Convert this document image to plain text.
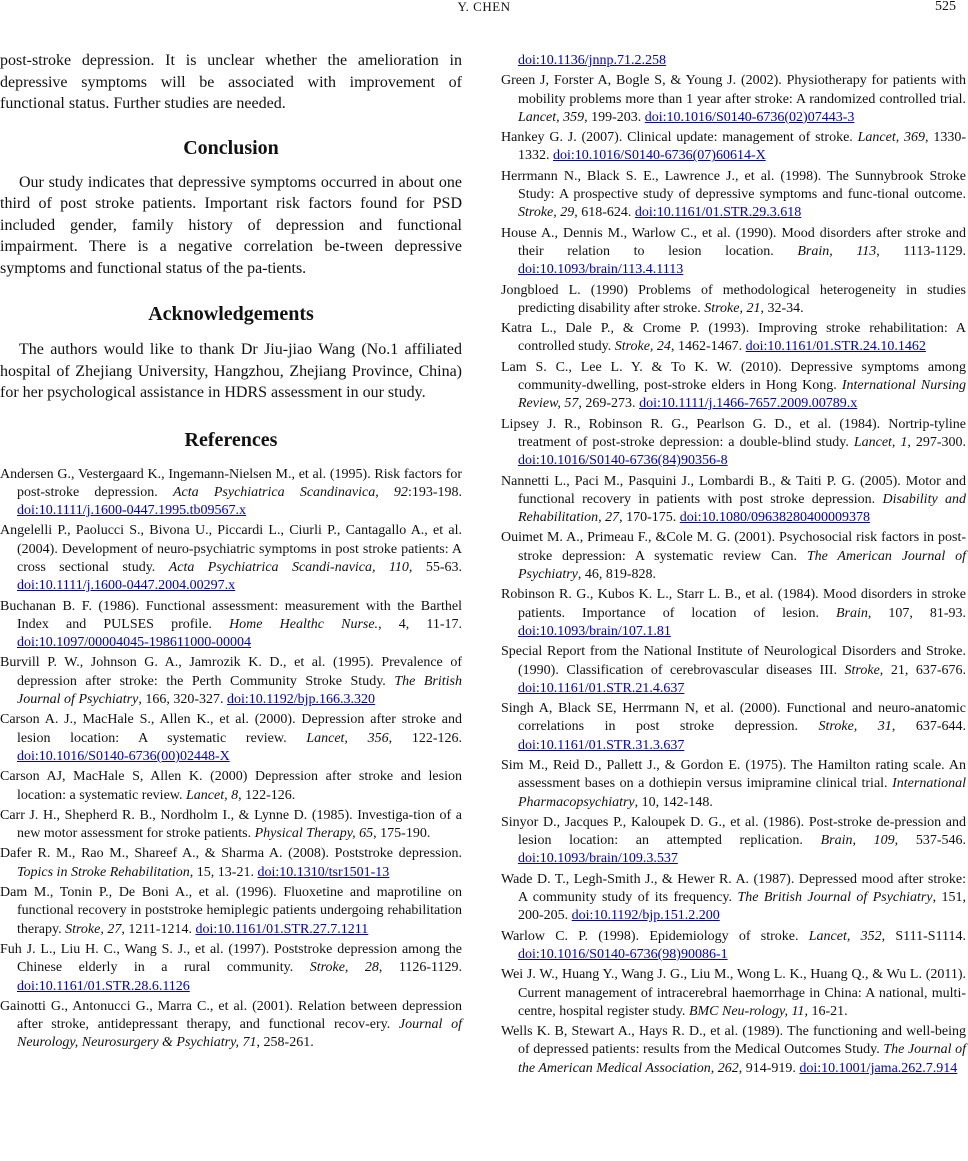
Y. CHEN	525

post-stroke depression. It is unclear whether the amelioration in depressive symptoms will be associated with improvement of functional status. Further studies are needed.

Conclusion

Our study indicates that depressive symptoms occurred in about one third of post stroke patients. Important risk factors found for PSD included gender, family history of depression and functional impairment. There is a negative correlation be-tween depressive symptoms and functional status of the pa-tients.

Acknowledgements

The authors would like to thank Dr Jiu-jiao Wang (No.1 affiliated hospital of Zhejiang University, Hangzhou, Zhejiang Province, China) for her psychological assistance in HDRS assessment in our study.

References
Andersen G., Vestergaard K., Ingemann-Nielsen M., et al. (1995). Risk factors for post-stroke depression. Acta Psychiatrica Scandinavica, 92:193-198. doi:10.1111/j.1600-0447.1995.tb09567.x
Angelelli P., Paolucci S., Bivona U., Piccardi L., Ciurli P., Cantagallo A., et al. (2004). Development of neuro-psychiatric symptoms in post stroke patients: A cross sectional study. Acta Psychiatrica Scandi-navica, 110, 55-63. doi:10.1111/j.1600-0447.2004.00297.x
Buchanan B. F. (1986). Functional assessment: measurement with the Barthel Index and PULSES profile. Home Healthc Nurse., 4, 11-17. doi:10.1097/00004045-198611000-00004
Burvill P. W., Johnson G. A., Jamrozik K. D., et al. (1995). Prevalence of depression after stroke: the Perth Community Stroke Study. The British Journal of Psychiatry, 166, 320-327. doi:10.1192/bjp.166.3.320
Carson A. J., MacHale S., Allen K., et al. (2000). Depression after stroke and lesion location: A systematic review. Lancet, 356, 122-126. doi:10.1016/S0140-6736(00)02448-X
Carson AJ, MacHale S, Allen K. (2000) Depression after stroke and lesion location: a systematic review. Lancet, 8, 122-126.
Carr J. H., Shepherd R. B., Nordholm I., & Lynne D. (1985). Investiga-tion of a new motor assessment for stroke patients. Physical Therapy, 65, 175-190.
Dafer R. M., Rao M., Shareef A., & Sharma A. (2008). Poststroke depression. Topics in Stroke Rehabilitation, 15, 13-21. doi:10.1310/tsr1501-13
Dam M., Tonin P., De Boni A., et al. (1996). Fluoxetine and maprotiline on functional recovery in poststroke hemiplegic patients undergoing rehabilitation therapy. Stroke, 27, 1211-1214. doi:10.1161/01.STR.27.7.1211
Fuh J. L., Liu H. C., Wang S. J., et al. (1997). Poststroke depression among the Chinese elderly in a rural community. Stroke, 28, 1126-1129. doi:10.1161/01.STR.28.6.1126
Gainotti G., Antonucci G., Marra C., et al. (2001). Relation between depression after stroke, antidepressant therapy, and functional recov-ery. Journal of Neurology, Neurosurgery & Psychiatry, 71, 258-261.
doi:10.1136/jnnp.71.2.258
Green J, Forster A, Bogle S, & Young J. (2002). Physiotherapy for patients with mobility problems more than 1 year after stroke: A randomized controlled trial. Lancet, 359, 199-203. doi:10.1016/S0140-6736(02)07443-3
Hankey G. J. (2007). Clinical update: management of stroke. Lancet, 369, 1330-1332. doi:10.1016/S0140-6736(07)60614-X
Herrmann N., Black S. E., Lawrence J., et al. (1998). The Sunnybrook Stroke Study: A prospective study of depressive symptoms and func-tional outcome. Stroke, 29, 618-624. doi:10.1161/01.STR.29.3.618
House A., Dennis M., Warlow C., et al. (1990). Mood disorders after stroke and their relation to lesion location. Brain, 113, 1113-1129. doi:10.1093/brain/113.4.1113
Jongbloed L. (1990) Problems of methodological heterogeneity in studies predicting disability after stroke. Stroke, 21, 32-34.
Katra L., Dale P., & Crome P. (1993). Improving stroke rehabilitation: A controlled study. Stroke, 24, 1462-1467. doi:10.1161/01.STR.24.10.1462
Lam S. C., Lee L. Y. & To K. W. (2010). Depressive symptoms among community-dwelling, post-stroke elders in Hong Kong. International Nursing Review, 57, 269-273. doi:10.1111/j.1466-7657.2009.00789.x
Lipsey J. R., Robinson R. G., Pearlson G. D., et al. (1984). Nortrip-tyline treatment of post-stroke depression: a double-blind study. Lancet, 1, 297-300. doi:10.1016/S0140-6736(84)90356-8
Nannetti L., Paci M., Pasquini J., Lombardi B., & Taiti P. G. (2005). Motor and functional recovery in patients with post stroke depression. Disability and Rehabilitation, 27, 170-175. doi:10.1080/09638280400009378
Ouimet M. A., Primeau F., &Cole M. G. (2001). Psychosocial risk factors in post-stroke depression: A systematic review Can. The American Journal of Psychiatry, 46, 819-828.
Robinson R. G., Kubos K. L., Starr L. B., et al. (1984). Mood disorders in stroke patients. Importance of location of lesion. Brain, 107, 81-93. doi:10.1093/brain/107.1.81
Special Report from the National Institute of Neurological Disorders and Stroke. (1990). Classification of cerebrovascular diseases III. Stroke, 21, 637-676. doi:10.1161/01.STR.21.4.637
Singh A, Black SE, Herrmann N, et al. (2000). Functional and neuro-anatomic correlations in post stroke depression. Stroke, 31, 637-644. doi:10.1161/01.STR.31.3.637
Sim M., Reid D., Pallett J., & Gordon E. (1975). The Hamilton rating scale. An assessment bases on a dothiepin versus imipramine clinical trial. International Pharmacopsychiatry, 10, 142-148.
Sinyor D., Jacques P., Kaloupek D. G., et al. (1986). Post-stroke de-pression and lesion location: an attempted replication. Brain, 109, 537-546. doi:10.1093/brain/109.3.537
Wade D. T., Legh-Smith J., & Hewer R. A. (1987). Depressed mood after stroke: A community study of its frequency. The British Journal of Psychiatry, 151, 200-205. doi:10.1192/bjp.151.2.200
Warlow C. P. (1998). Epidemiology of stroke. Lancet, 352, S111-S1114. doi:10.1016/S0140-6736(98)90086-1
Wei J. W., Huang Y., Wang J. G., Liu M., Wong L. K., Huang Q., & Wu L. (2011). Current management of intracerebral haemorrhage in China: A national, multi-centre, hospital register study. BMC Neu-rology, 11, 16-21.
Wells K. B, Stewart A., Hays R. D., et al. (1989). The functioning and well-being of depressed patients: results from the Medical Outcomes Study. The Journal of the American Medical Association, 262, 914-919. doi:10.1001/jama.262.7.914
